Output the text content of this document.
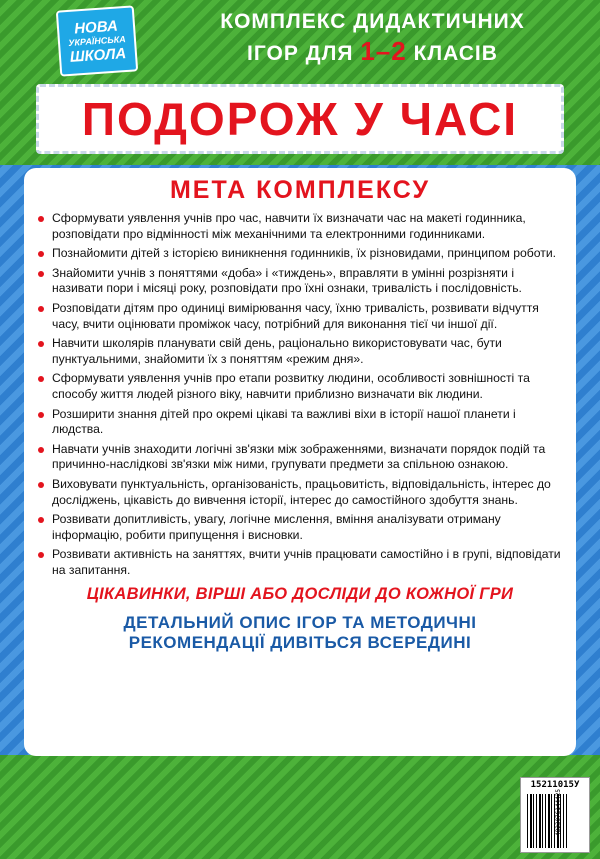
НОВА
УКРАЇНСЬКА
ШКОЛА
КОМПЛЕКС ДИДАКТИЧНИХ
ІГОР ДЛЯ 1–2 КЛАСІВ
ПОДОРОЖ У ЧАСІ
МЕТА КОМПЛЕКСУ
Сформувати уявлення учнів про час, навчити їх визначати час на макеті годинника, розповідати про відмінності між механічними та електронними годинниками.
Познайомити дітей з історією виникнення годинників, їх різновидами, принципом роботи.
Знайомити учнів з поняттями «доба» і «тиждень», вправляти в умінні розрізняти і називати пори і місяці року, розповідати про їхні ознаки, тривалість і послідовність.
Розповідати дітям про одиниці вимірювання часу, їхню тривалість, розвивати відчуття часу, вчити оцінювати проміжок часу, потрібний для виконання тієї чи іншої дії.
Навчити школярів планувати свій день, раціонально використовувати час, бути пунктуальними, знайомити їх з поняттям «режим дня».
Сформувати уявлення учнів про етапи розвитку людини, особливості зовнішності та способу життя людей різного віку, навчити приблизно визначати вік людини.
Розширити знання дітей про окремі цікаві та важливі віхи в історії нашої планети і людства.
Навчати учнів знаходити логічні зв'язки між зображеннями, визначати порядок подій та причинно-наслідкові зв'язки між ними, групувати предмети за спільною ознакою.
Виховувати пунктуальність, організованість, працьовитість, відповідальність, інтерес до досліджень, цікавість до вивчення історії, інтерес до самостійного здобуття знань.
Розвивати допитливість, увагу, логічне мислення, вміння аналізувати отриману інформацію, робити припущення і висновки.
Розвивати активність на заняттях, вчити учнів працювати самостійно і в групі, відповідати на запитання.
ЦІКАВИНКИ, ВІРШІ АБО ДОСЛІДИ ДО КОЖНОЇ ГРИ
ДЕТАЛЬНИЙ ОПИС ІГОР ТА МЕТОДИЧНІ
РЕКОМЕНДАЦІЇ ДИВІТЬСЯ ВСЕРЕДИНІ
15211015У
4823076144425
